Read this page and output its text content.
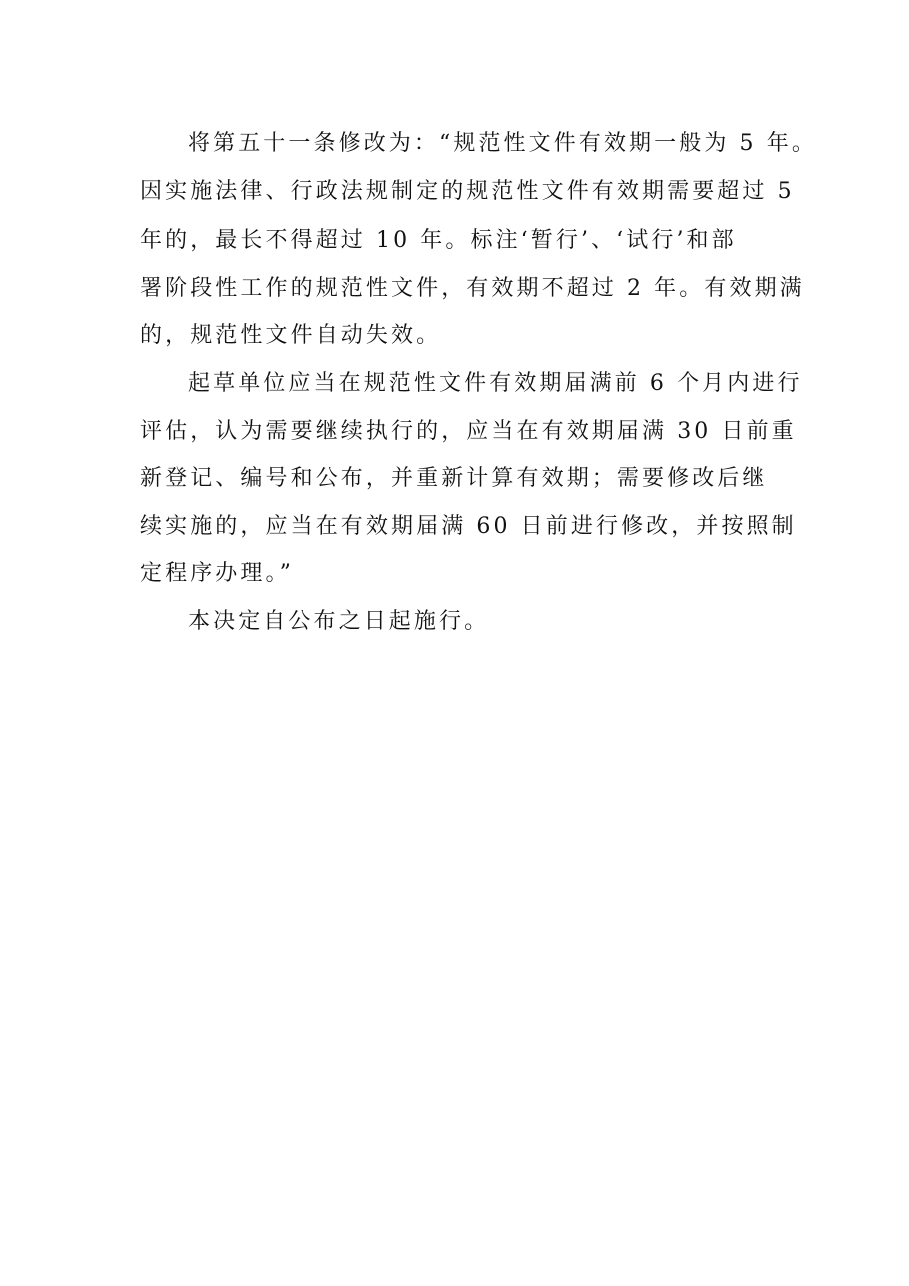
将第五十一条修改为：“规范性文件有效期一般为 5 年。
因实施法律、行政法规制定的规范性文件有效期需要超过 5
年的，最长不得超过 10 年。标注‘暂行’、‘试行’和部
署阶段性工作的规范性文件，有效期不超过 2 年。有效期满
的，规范性文件自动失效。
起草单位应当在规范性文件有效期届满前 6 个月内进行
评估，认为需要继续执行的，应当在有效期届满 30 日前重
新登记、编号和公布，并重新计算有效期；需要修改后继
续实施的，应当在有效期届满 60 日前进行修改，并按照制
定程序办理。”
本决定自公布之日起施行。
